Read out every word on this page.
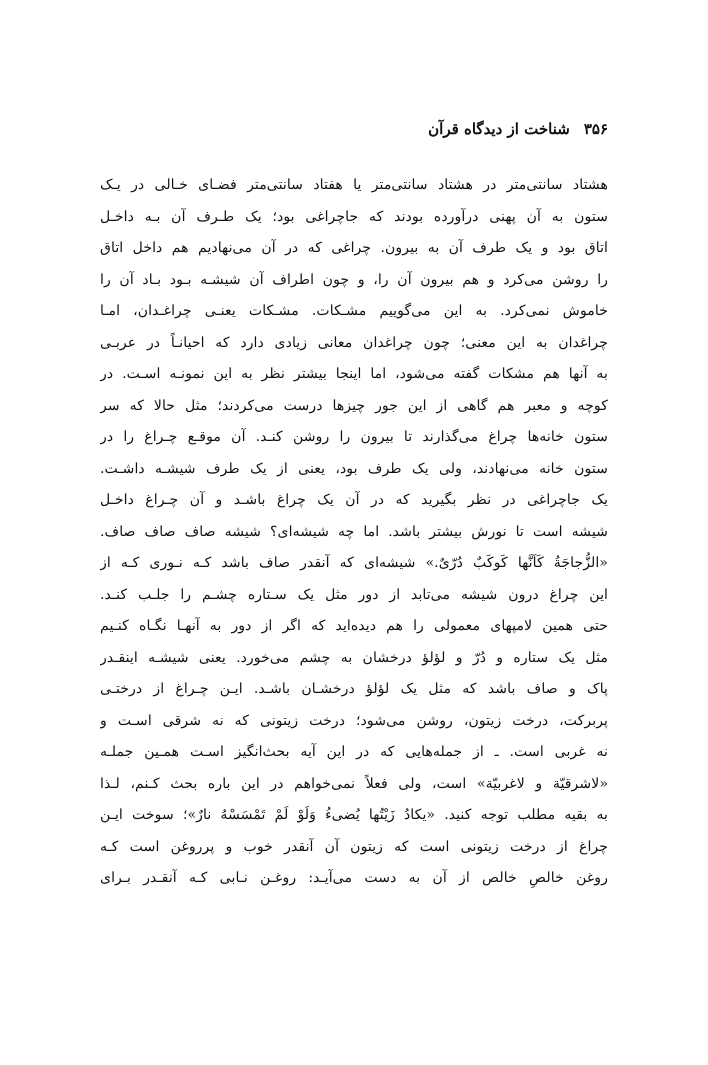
۳۵۶
شناخت از دیدگاه قرآن
هشتاد سانتی‌متر در هشتاد سانتی‌متر یا هفتاد سانتی‌متر فضـای خـالی در یـک
ستون به آن پهنی درآورده بودند که جاچراغی بود؛ یک طـرف آن بـه داخـل
اتاق بود و یک طرف آن به بیرون. چراغی که در آن می‌نهادیم هم داخل اتاق
را روشن می‌کرد و هم بیرون آن را، و چون اطراف آن شیشـه بـود بـاد آن را
خاموش نمی‌کرد. به این می‌گوییم مشـکات. مشـکات یعنـی چراغـدان، امـا
چراغدان به این معنی؛ چون چراغدان معانی زیادی دارد که احیانـاً در عربـی
به آنها هم مشکات گفته می‌شود، اما اینجا بیشتر نظر به این نمونـه اسـت. در
کوچه و معبر هم گاهی از این جور چیزها درست می‌کردند؛ مثل حالا که سر
ستون خانه‌ها چراغ می‌گذارند تا بیرون را روشن کنـد. آن موقـع چـراغ را در
ستون خانه می‌نهادند، ولی یک طرف بود، یعنی از یک طرف شیشـه داشـت.
یک جاچراغی در نظر بگیرید که در آن یک چراغ باشـد و آن چـراغ داخـل
شیشه است تا نورش بیشتر باشد. اما چه شیشه‌ای؟ شیشه صاف صاف صاف.
«الزُّجاجَةُ کَاَنَّها کَوکَبٌ دُرّیٌ.» شیشه‌ای که آنقدر صاف باشد کـه نـوری کـه از
این چراغ درون شیشه می‌تابد از دور مثل یک سـتاره چشـم را جلـب کنـد.
حتی همین لامپهای معمولی را هم دیده‌اید که اگر از دور به آنهـا نگـاه کنـیم
مثل یک ستاره و دُرّ و لؤلؤ درخشان به چشم می‌خورد. یعنی شیشـه اینقـدر
پاک و صاف باشد که مثل یک لؤلؤ درخشـان باشـد. ایـن چـراغ از درختـی
پربرکت، درخت زیتون، روشن می‌شود؛ درخت زیتونی که نه شرقی اسـت و
نه غربی است. ـ از جمله‌هایی که در این آیه بحث‌انگیز اسـت همـین جملـه
«لاشرقیّة و لاغربیّة» است، ولی فعلاً نمی‌خواهم در این باره بحث کـنم، لـذا
به بقیه مطلب توجه کنید. «یکادُ زَیْتُها یُضیءُ وَلَوْ لَمْ تَمْسَسْهُ نارٌ»؛ سوخت ایـن
چراغ از درخت زیتونی است که زیتون آن آنقدر خوب و پرروغن است کـه
روغن خالصِ خالص از آن به دست می‌آیـد: روغـن نـابی کـه آنقـدر بـرای
